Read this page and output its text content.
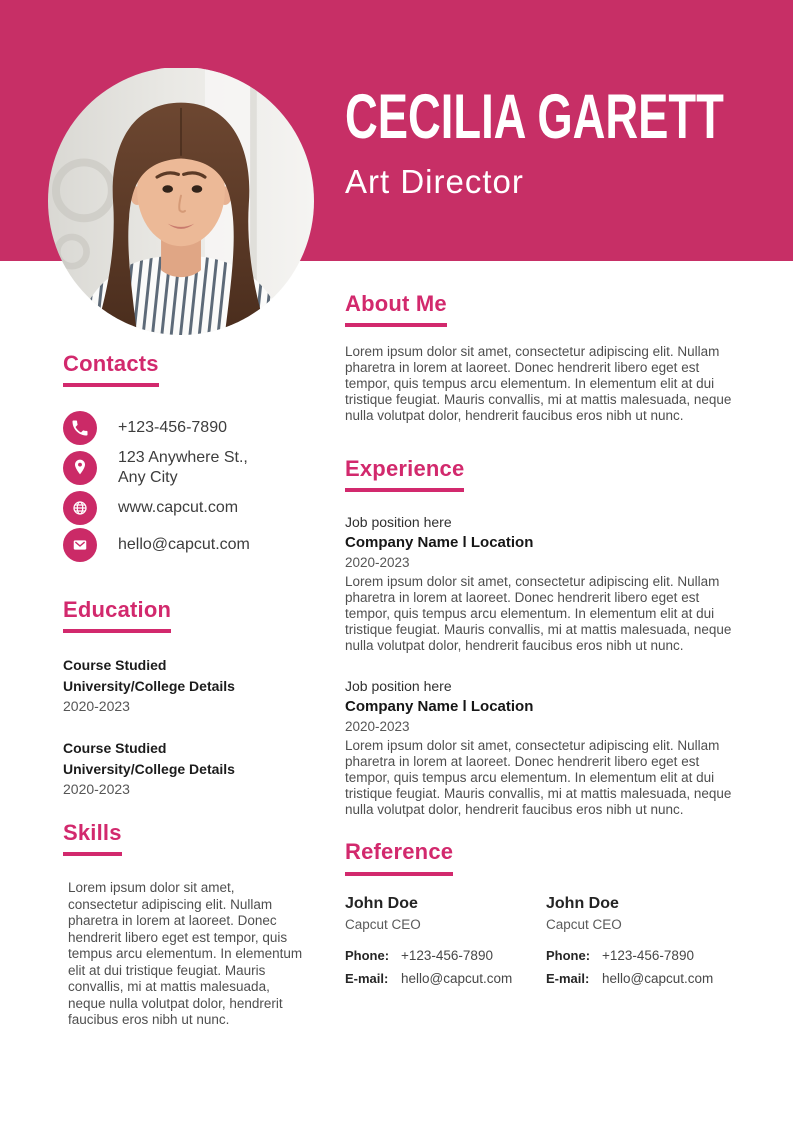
CECILIA GARETT
Art Director
Contacts
+123-456-7890
123 Anywhere St.,
Any City
www.capcut.com
hello@capcut.com
Education
Course Studied
University/College Details
2020-2023
Course Studied
University/College Details
2020-2023
Skills

Lorem ipsum dolor sit amet, consectetur adipiscing elit. Nullam pharetra in lorem at laoreet. Donec hendrerit libero eget est tempor, quis tempus arcu elementum. In elementum elit at dui tristique feugiat. Mauris convallis, mi at mattis malesuada, neque nulla volutpat dolor, hendrerit faucibus eros nibh ut nunc.

About Me

Lorem ipsum dolor sit amet, consectetur adipiscing elit. Nullam pharetra in lorem at laoreet. Donec hendrerit libero eget est tempor, quis tempus arcu elementum. In elementum elit at dui tristique feugiat. Mauris convallis, mi at mattis malesuada, neque nulla volutpat dolor, hendrerit faucibus eros nibh ut nunc.

Experience
Job position here
Company Name l Location
2020-2023

Lorem ipsum dolor sit amet, consectetur adipiscing elit. Nullam pharetra in lorem at laoreet. Donec hendrerit libero eget est tempor, quis tempus arcu elementum. In elementum elit at dui tristique feugiat. Mauris convallis, mi at mattis malesuada, neque nulla volutpat dolor, hendrerit faucibus eros nibh ut nunc.

Job position here
Company Name l Location
2020-2023

Lorem ipsum dolor sit amet, consectetur adipiscing elit. Nullam pharetra in lorem at laoreet. Donec hendrerit libero eget est tempor, quis tempus arcu elementum. In elementum elit at dui tristique feugiat. Mauris convallis, mi at mattis malesuada, neque nulla volutpat dolor, hendrerit faucibus eros nibh ut nunc.

Reference
John Doe
Capcut CEO
Phone: +123-456-7890
E-mail: hello@capcut.com
John Doe
Capcut CEO
Phone: +123-456-7890
E-mail: hello@capcut.com
